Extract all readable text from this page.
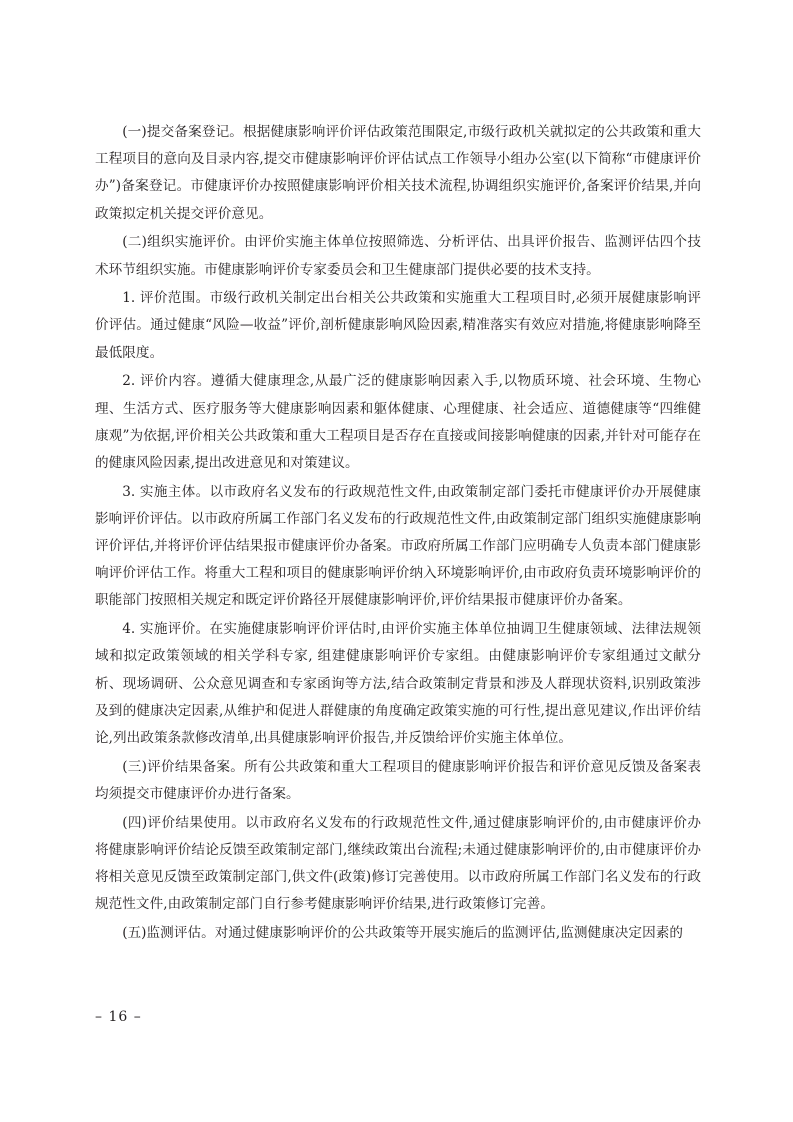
(一)提交备案登记。根据健康影响评价评估政策范围限定,市级行政机关就拟定的公共政策和重大工程项目的意向及目录内容,提交市健康影响评价评估试点工作领导小组办公室(以下简称“市健康评价办”)备案登记。市健康评价办按照健康影响评价相关技术流程,协调组织实施评价,备案评价结果,并向政策拟定机关提交评价意见。

(二)组织实施评价。由评价实施主体单位按照筛选、分析评估、出具评价报告、监测评估四个技术环节组织实施。市健康影响评价专家委员会和卫生健康部门提供必要的技术支持。

1. 评价范围。市级行政机关制定出台相关公共政策和实施重大工程项目时,必须开展健康影响评价评估。通过健康“风险—收益”评价,剖析健康影响风险因素,精准落实有效应对措施,将健康影响降至最低限度。

2. 评价内容。遵循大健康理念,从最广泛的健康影响因素入手,以物质环境、社会环境、生物心理、生活方式、医疗服务等大健康影响因素和躯体健康、心理健康、社会适应、道德健康等“四维健康观”为依据,评价相关公共政策和重大工程项目是否存在直接或间接影响健康的因素,并针对可能存在的健康风险因素,提出改进意见和对策建议。

3. 实施主体。以市政府名义发布的行政规范性文件,由政策制定部门委托市健康评价办开展健康影响评价评估。以市政府所属工作部门名义发布的行政规范性文件,由政策制定部门组织实施健康影响评价评估,并将评价评估结果报市健康评价办备案。市政府所属工作部门应明确专人负责本部门健康影响评价评估工作。将重大工程和项目的健康影响评价纳入环境影响评价,由市政府负责环境影响评价的职能部门按照相关规定和既定评价路径开展健康影响评价,评价结果报市健康评价办备案。

4. 实施评价。在实施健康影响评价评估时,由评价实施主体单位抽调卫生健康领域、法律法规领域和拟定政策领域的相关学科专家, 组建健康影响评价专家组。由健康影响评价专家组通过文献分析、现场调研、公众意见调查和专家函询等方法,结合政策制定背景和涉及人群现状资料,识别政策涉及到的健康决定因素,从维护和促进人群健康的角度确定政策实施的可行性,提出意见建议,作出评价结论,列出政策条款修改清单,出具健康影响评价报告,并反馈给评价实施主体单位。

(三)评价结果备案。所有公共政策和重大工程项目的健康影响评价报告和评价意见反馈及备案表均须提交市健康评价办进行备案。

(四)评价结果使用。以市政府名义发布的行政规范性文件,通过健康影响评价的,由市健康评价办将健康影响评价结论反馈至政策制定部门,继续政策出台流程;未通过健康影响评价的,由市健康评价办将相关意见反馈至政策制定部门,供文件(政策)修订完善使用。以市政府所属工作部门名义发布的行政规范性文件,由政策制定部门自行参考健康影响评价结果,进行政策修订完善。

(五)监测评估。对通过健康影响评价的公共政策等开展实施后的监测评估,监测健康决定因素的

– 16 –
